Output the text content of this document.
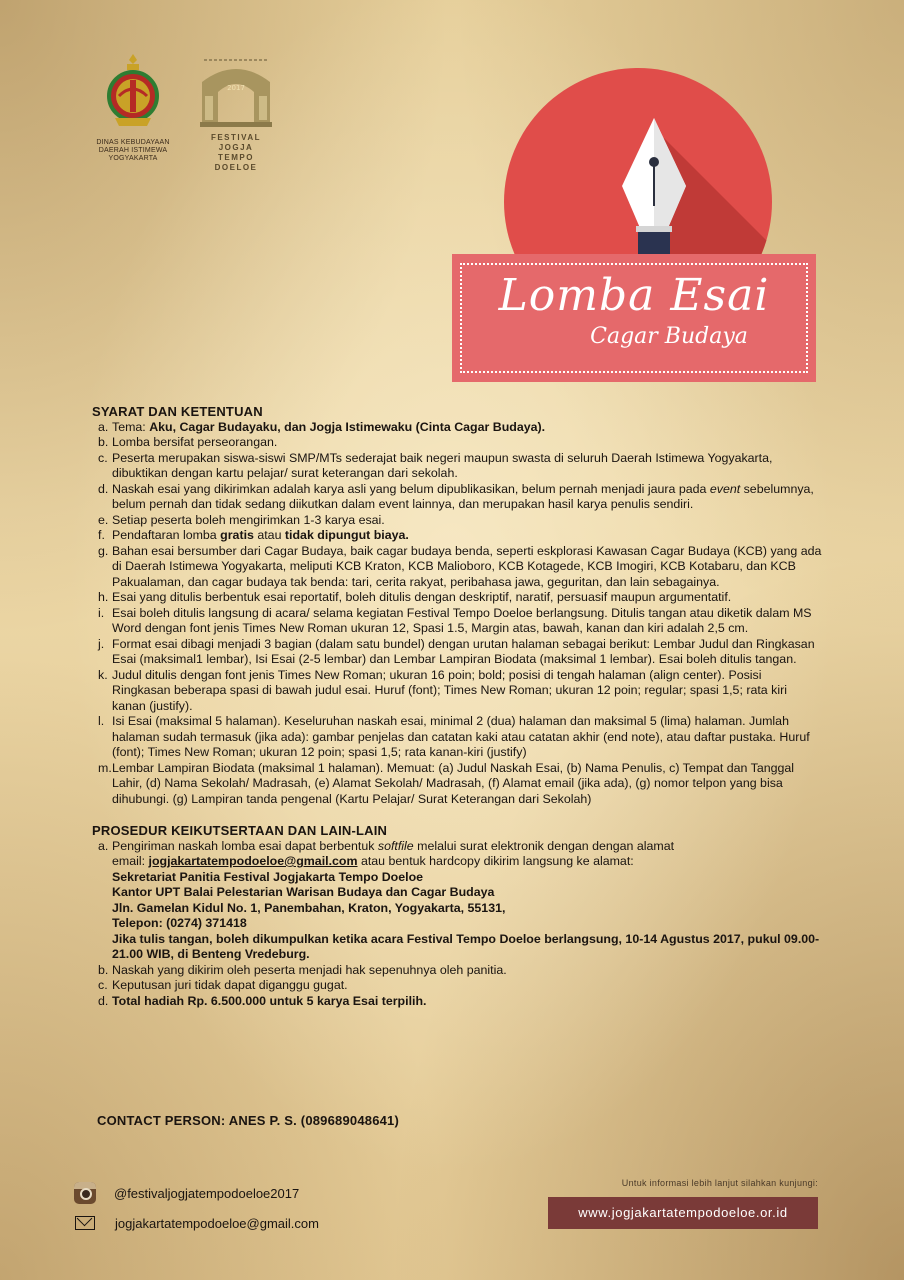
DINAS KEBUDAYAAN
DAERAH ISTIMEWA YOGYAKARTA
2017
FESTIVAL JOGJA
TEMPO DOELOE
Lomba Esai
Cagar Budaya
SYARAT DAN KETENTUAN
a. Tema: Aku, Cagar Budayaku, dan Jogja Istimewaku (Cinta Cagar Budaya).
b. Lomba bersifat perseorangan.
c. Peserta merupakan siswa-siswi SMP/MTs sederajat baik negeri maupun swasta di seluruh Daerah Istimewa Yogyakarta, dibuktikan dengan kartu pelajar/ surat keterangan dari sekolah.
d. Naskah esai yang dikirimkan adalah karya asli yang belum dipublikasikan, belum pernah menjadi jaura pada event sebelumnya, belum pernah dan tidak sedang diikutkan dalam event lainnya, dan merupakan hasil karya penulis sendiri.
e. Setiap peserta boleh mengirimkan 1-3 karya esai.
f. Pendaftaran lomba gratis atau tidak dipungut biaya.
g. Bahan esai bersumber dari Cagar Budaya, baik cagar budaya benda, seperti eskplorasi Kawasan Cagar Budaya (KCB) yang ada di Daerah Istimewa Yogyakarta, meliputi KCB Kraton, KCB Malioboro, KCB Kotagede, KCB Imogiri, KCB Kotabaru, dan KCB Pakualaman, dan cagar budaya tak benda: tari, cerita rakyat, peribahasa jawa, geguritan, dan lain sebagainya.
h. Esai yang ditulis berbentuk esai reportatif, boleh ditulis dengan deskriptif, naratif, persuasif maupun argumentatif.
i. Esai boleh ditulis langsung di acara/ selama kegiatan Festival Tempo Doeloe berlangsung. Ditulis tangan atau diketik dalam MS Word dengan font jenis Times New Roman ukuran 12, Spasi 1.5, Margin atas, bawah, kanan dan kiri adalah 2,5 cm.
j. Format esai dibagi menjadi 3 bagian (dalam satu bundel) dengan urutan halaman sebagai berikut: Lembar Judul dan Ringkasan Esai (maksimal1 lembar), Isi Esai (2-5 lembar) dan Lembar Lampiran Biodata (maksimal 1 lembar). Esai boleh ditulis tangan.
k. Judul ditulis dengan font jenis Times New Roman; ukuran 16 poin; bold; posisi di tengah halaman (align center). Posisi Ringkasan beberapa spasi di bawah judul esai. Huruf (font); Times New Roman; ukuran 12 poin; regular; spasi 1,5; rata kiri kanan (justify).
l. Isi Esai (maksimal 5 halaman). Keseluruhan naskah esai, minimal 2 (dua) halaman dan maksimal 5 (lima) halaman. Jumlah halaman sudah termasuk (jika ada): gambar penjelas dan catatan kaki atau catatan akhir (end note), atau daftar pustaka. Huruf (font); Times New Roman; ukuran 12 poin; spasi 1,5; rata kanan-kiri (justify)
m. Lembar Lampiran Biodata (maksimal 1 halaman). Memuat: (a) Judul Naskah Esai, (b) Nama Penulis, c) Tempat dan Tanggal Lahir, (d) Nama Sekolah/ Madrasah, (e) Alamat Sekolah/ Madrasah, (f) Alamat email (jika ada), (g) nomor telpon yang bisa dihubungi. (g) Lampiran tanda pengenal (Kartu Pelajar/ Surat Keterangan dari Sekolah)
PROSEDUR KEIKUTSERTAAN DAN LAIN-LAIN
a. Pengiriman naskah lomba esai dapat berbentuk softfile melalui surat elektronik dengan dengan alamat
email: jogjakartatempodoeloe@gmail.com atau bentuk hardcopy dikirim langsung ke alamat:
Sekretariat Panitia Festival Jogjakarta Tempo Doeloe
Kantor UPT Balai Pelestarian Warisan Budaya dan Cagar Budaya
Jln. Gamelan Kidul No. 1, Panembahan, Kraton, Yogyakarta, 55131,
Telepon: (0274) 371418
Jika tulis tangan, boleh dikumpulkan ketika acara Festival Tempo Doeloe berlangsung, 10-14 Agustus 2017, pukul 09.00-21.00 WIB, di Benteng Vredeburg.
b. Naskah yang dikirim oleh peserta menjadi hak sepenuhnya oleh panitia.
c. Keputusan juri tidak dapat diganggu gugat.
d. Total hadiah Rp. 6.500.000 untuk 5 karya Esai terpilih.
CONTACT PERSON: ANES P. S. (089689048641)
@festivaljogjatempodoeloe2017
jogjakartatempodoeloe@gmail.com
Untuk informasi lebih lanjut silahkan kunjungi:
www.jogjakartatempodoeloe.or.id
